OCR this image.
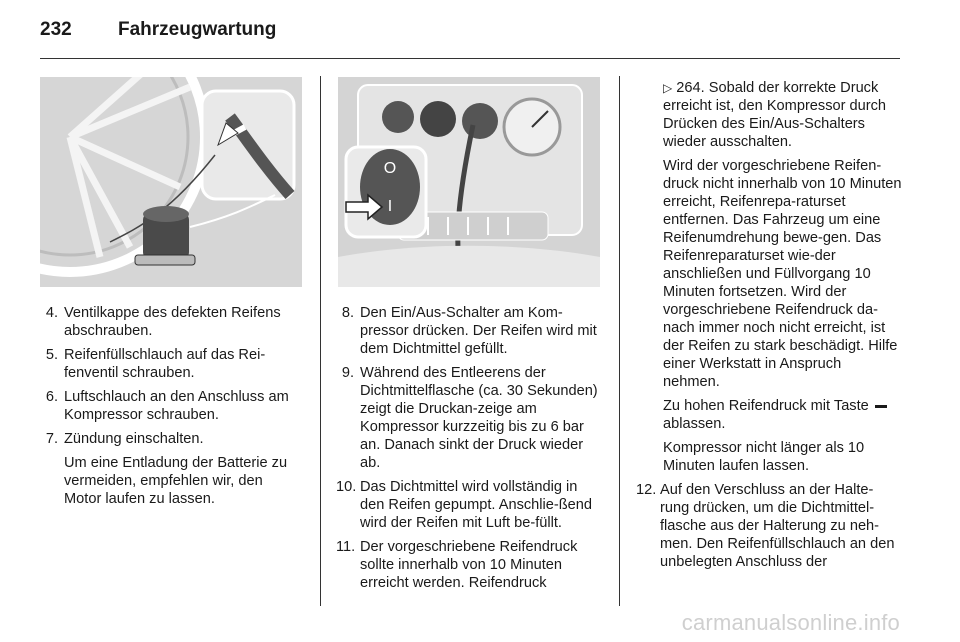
232 Fahrzeugwartung
O
I
4. Ventilkappe des defekten Reifens abschrauben.
5. Reifenfüllschlauch auf das Rei-fenventil schrauben.
6. Luftschlauch an den Anschluss am Kompressor schrauben.
7. Zündung einschalten.
Um eine Entladung der Batterie zu vermeiden, empfehlen wir, den Motor laufen zu lassen.
8. Den Ein/Aus-Schalter am Kom-pressor drücken. Der Reifen wird mit dem Dichtmittel gefüllt.
9. Während des Entleerens der Dichtmittelflasche (ca. 30 Sekunden) zeigt die Druckan-zeige am Kompressor kurzzeitig bis zu 6 bar an. Danach sinkt der Druck wieder ab.
10. Das Dichtmittel wird vollständig in den Reifen gepumpt. Anschlie-ßend wird der Reifen mit Luft be-füllt.
11. Der vorgeschriebene Reifendruck sollte innerhalb von 10 Minuten erreicht werden. Reifendruck

▷ 264. Sobald der korrekte Druck erreicht ist, den Kompressor durch Drücken des Ein/Aus-Schalters wieder ausschalten.

Wird der vorgeschriebene Reifen-druck nicht innerhalb von 10 Minuten erreicht, Reifenrepa-raturset entfernen. Das Fahrzeug um eine Reifenumdrehung bewe-gen. Das Reifenreparaturset wie-der anschließen und Füllvorgang 10 Minuten fortsetzen. Wird der vorgeschriebene Reifendruck da-nach immer noch nicht erreicht, ist der Reifen zu stark beschädigt. Hilfe einer Werkstatt in Anspruch nehmen.

Zu hohen Reifendruck mit Taste  ablassen.

Kompressor nicht länger als 10 Minuten laufen lassen.

12. Auf den Verschluss an der Halte-rung drücken, um die Dichtmittel-flasche aus der Halterung zu neh-men. Den Reifenfüllschlauch an den unbelegten Anschluss der
carmanualsonline.info
